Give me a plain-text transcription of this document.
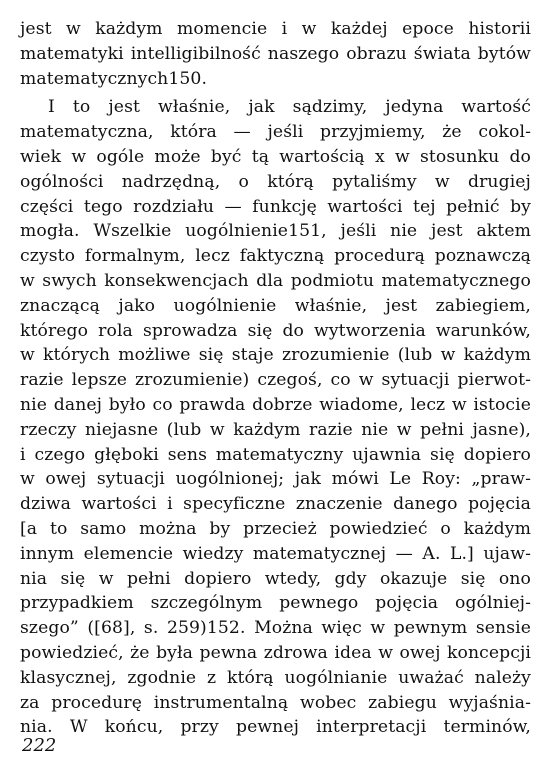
jest w każdym momencie i w każdej epoce historii
matematyki intelligibilność naszego obrazu świata bytów
matematycznych150.
I to jest właśnie, jak sądzimy, jedyna wartość
matematyczna, która — jeśli przyjmiemy, że cokol-
wiek w ogóle może być tą wartością x w stosunku do
ogólności nadrzędną, o którą pytaliśmy w drugiej
części tego rozdziału — funkcję wartości tej pełnić by
mogła. Wszelkie uogólnienie151, jeśli nie jest aktem
czysto formalnym, lecz faktyczną procedurą poznawczą
w swych konsekwencjach dla podmiotu matematycznego
znaczącą jako uogólnienie właśnie, jest zabiegiem,
którego rola sprowadza się do wytworzenia warunków,
w których możliwe się staje zrozumienie (lub w każdym
razie lepsze zrozumienie) czegoś, co w sytuacji pierwot-
nie danej było co prawda dobrze wiadome, lecz w istocie
rzeczy niejasne (lub w każdym razie nie w pełni jasne),
i czego głęboki sens matematyczny ujawnia się dopiero
w owej sytuacji uogólnionej; jak mówi Le Roy: „praw-
dziwa wartości i specyficzne znaczenie danego pojęcia
[a to samo można by przecież powiedzieć o każdym
innym elemencie wiedzy matematycznej — A. L.] ujaw-
nia się w pełni dopiero wtedy, gdy okazuje się ono
przypadkiem szczególnym pewnego pojęcia ogólniej-
szego” ([68], s. 259)152. Można więc w pewnym sensie
powiedzieć, że była pewna zdrowa idea w owej koncepcji
klasycznej, zgodnie z którą uogólnianie uważać należy
za procedurę instrumentalną wobec zabiegu wyjaśnia-
nia. W końcu, przy pewnej interpretacji terminów,
222
